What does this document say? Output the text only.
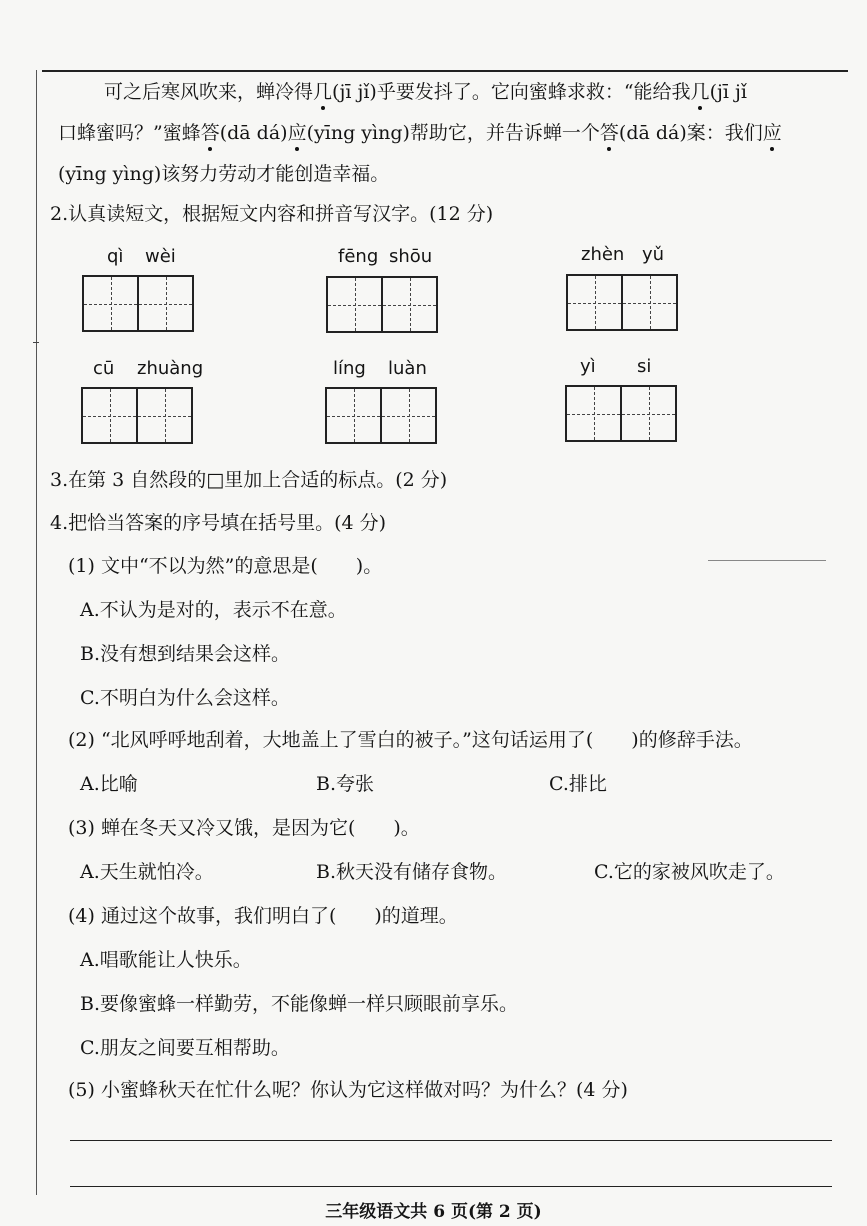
可之后寒风吹来，蝉冷得几(jī jǐ)乎要发抖了。它向蜜蜂求救：“能给我几(jī jǐ
口蜂蜜吗？”蜜蜂答(dā dá)应(yīng yìng)帮助它，并告诉蝉一个答(dā dá)案：我们应
(yīng yìng)该努力劳动才能创造幸福。
2.认真读短文，根据短文内容和拼音写汉字。(12 分)
qì wèi	fēng shōu	zhèn yǔ
cū zhuàng	líng luàn	yì si
3.在第 3 自然段的□里加上合适的标点。(2 分)
4.把恰当答案的序号填在括号里。(4 分)
(1) 文中“不以为然”的意思是(　　)。
A.不认为是对的，表示不在意。
B.没有想到结果会这样。
C.不明白为什么会这样。
(2) “北风呼呼地刮着，大地盖上了雪白的被子。”这句话运用了(　　)的修辞手法。
A.比喻	B.夸张	C.排比
(3) 蝉在冬天又冷又饿，是因为它(　　)。
A.天生就怕冷。	B.秋天没有储存食物。	C.它的家被风吹走了。
(4) 通过这个故事，我们明白了(　　)的道理。
A.唱歌能让人快乐。
B.要像蜜蜂一样勤劳，不能像蝉一样只顾眼前享乐。
C.朋友之间要互相帮助。
(5) 小蜜蜂秋天在忙什么呢？你认为它这样做对吗？为什么？(4 分)
三年级语文共 6 页(第 2 页)
